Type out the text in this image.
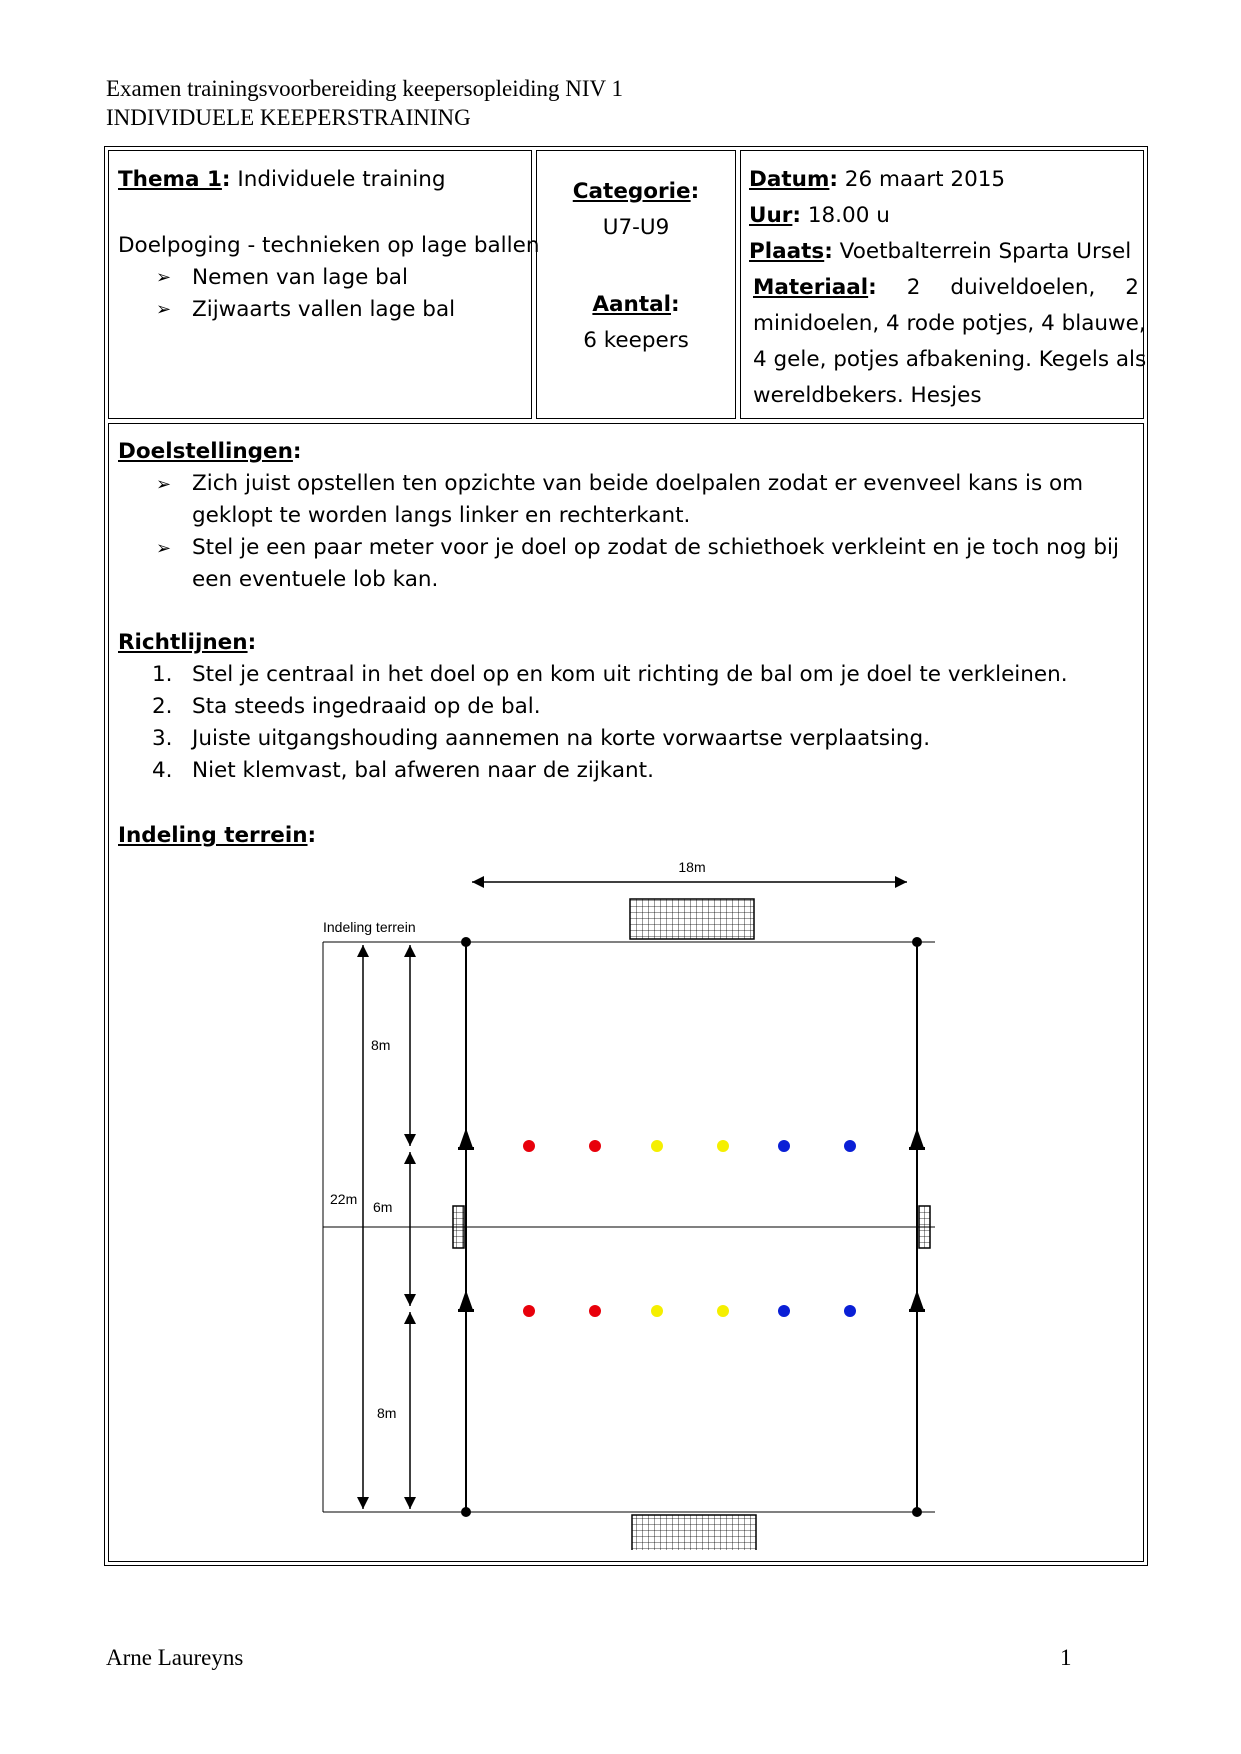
Examen trainingsvoorbereiding keepersopleiding NIV 1
INDIVIDUELE KEEPERSTRAINING
Thema 1: Individuele training
Doelpoging - technieken op lage ballen
➢ Nemen van lage bal
➢ Zijwaarts vallen lage bal
Categorie:
U7-U9
Aantal:
6 keepers
Datum: 26 maart 2015
Uur: 18.00 u
Plaats: Voetbalterrein Sparta Ursel
Materiaal: 2 duiveldoelen, 2
minidoelen, 4 rode potjes, 4 blauwe,
4 gele, potjes afbakening. Kegels als
wereldbekers. Hesjes
Doelstellingen:
➢ Zich juist opstellen ten opzichte van beide doelpalen zodat er evenveel kans is om
geklopt te worden langs linker en rechterkant.
➢ Stel je een paar meter voor je doel op zodat de schiethoek verkleint en je toch nog bij
een eventuele lob kan.
Richtlijnen:
1. Stel je centraal in het doel op en kom uit richting de bal om je doel te verkleinen.
2. Sta steeds ingedraaid op de bal.
3. Juiste uitgangshouding aannemen na korte vorwaartse verplaatsing.
4. Niet klemvast, bal afweren naar de zijkant.
Indeling terrein:
18m
Indeling terrein
22m
8m
6m
8m
Arne Laureyns	1
